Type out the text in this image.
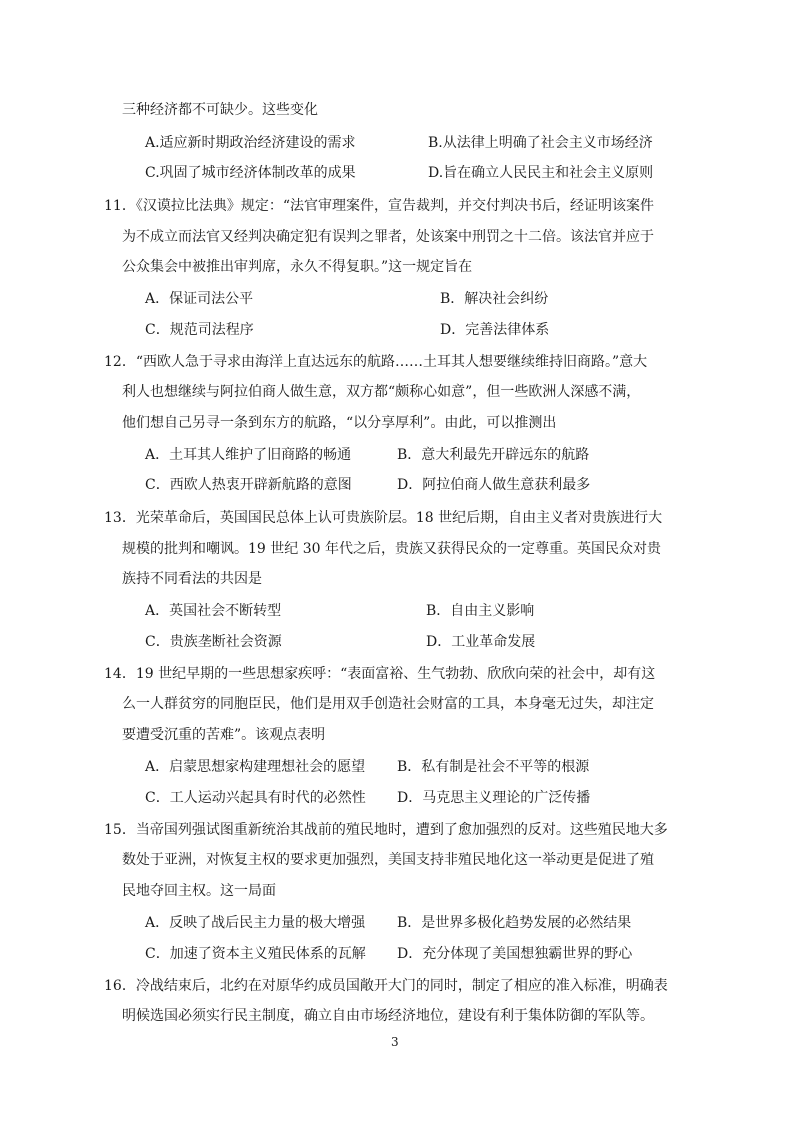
三种经济都不可缺少。这些变化
A.适应新时期政治经济建设的需求	B.从法律上明确了社会主义市场经济
C.巩固了城市经济体制改革的成果	D.旨在确立人民民主和社会主义原则
11．《汉谟拉比法典》规定：“法官审理案件，宣告裁判，并交付判决书后，经证明该案件
为不成立而法官又经判决确定犯有误判之罪者，处该案中刑罚之十二倍。该法官并应于
公众集会中被推出审判席，永久不得复职。”这一规定旨在
A．保证司法公平	B．解决社会纠纷
C．规范司法程序	D．完善法律体系
12．“西欧人急于寻求由海洋上直达远东的航路……土耳其人想要继续维持旧商路。”意大
利人也想继续与阿拉伯商人做生意，双方都“颇称心如意”，但一些欧洲人深感不满，
他们想自己另寻一条到东方的航路，“以分享厚利”。由此，可以推测出
A．土耳其人维护了旧商路的畅通	B．意大利最先开辟远东的航路
C．西欧人热衷开辟新航路的意图	D．阿拉伯商人做生意获利最多
13．光荣革命后，英国国民总体上认可贵族阶层。18 世纪后期，自由主义者对贵族进行大
规模的批判和嘲讽。19 世纪 30 年代之后，贵族又获得民众的一定尊重。英国民众对贵
族持不同看法的共因是
A．英国社会不断转型	B．自由主义影响
C．贵族垄断社会资源	D．工业革命发展
14．19 世纪早期的一些思想家疾呼：“表面富裕、生气勃勃、欣欣向荣的社会中，却有这
么一人群贫穷的同胞臣民，他们是用双手创造社会财富的工具，本身毫无过失，却注定
要遭受沉重的苦难”。该观点表明
A．启蒙思想家构建理想社会的愿望 B．私有制是社会不平等的根源
C．工人运动兴起具有时代的必然性 D．马克思主义理论的广泛传播
15．当帝国列强试图重新统治其战前的殖民地时，遭到了愈加强烈的反对。这些殖民地大多
数处于亚洲，对恢复主权的要求更加强烈，美国支持非殖民地化这一举动更是促进了殖
民地夺回主权。这一局面
A．反映了战后民主力量的极大增强 B．是世界多极化趋势发展的必然结果
C．加速了资本主义殖民体系的瓦解 D．充分体现了美国想独霸世界的野心
16．冷战结束后，北约在对原华约成员国敞开大门的同时，制定了相应的准入标准，明确表
明候选国必须实行民主制度，确立自由市场经济地位，建设有利于集体防御的军队等。
3
